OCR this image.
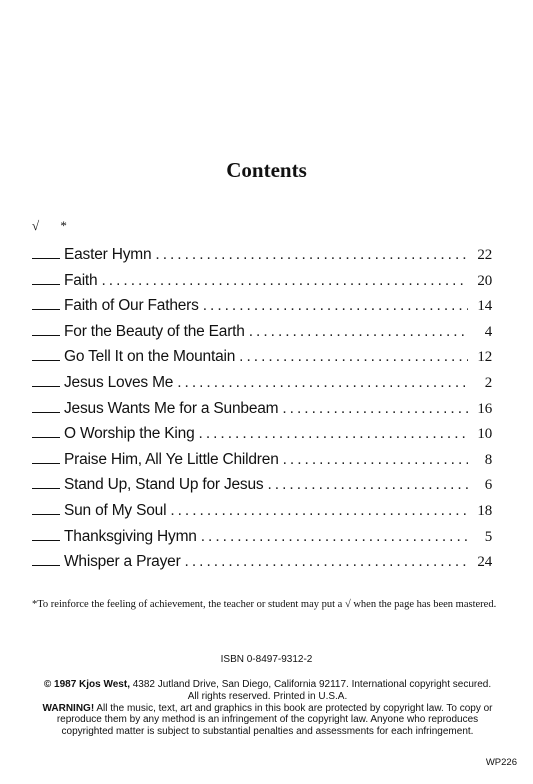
Contents
√ *
Easter Hymn .....	22
Faith .....	20
Faith of Our Fathers .....	14
For the Beauty of the Earth .....	4
Go Tell It on the Mountain .....	12
Jesus Loves Me .....	2
Jesus Wants Me for a Sunbeam .....	16
O Worship the King .....	10
Praise Him, All Ye Little Children .....	8
Stand Up, Stand Up for Jesus .....	6
Sun of My Soul .....	18
Thanksgiving Hymn .....	5
Whisper a Prayer .....	24
*To reinforce the feeling of achievement, the teacher or student may put a √ when the page has been mastered.
ISBN 0-8497-9312-2
© 1987 Kjos West, 4382 Jutland Drive, San Diego, California 92117. International copyright secured. All rights reserved. Printed in U.S.A.
WARNING! All the music, text, art and graphics in this book are protected by copyright law. To copy or reproduce them by any method is an infringement of the copyright law. Anyone who reproduces copyrighted matter is subject to substantial penalties and assessments for each infringement.
WP226
